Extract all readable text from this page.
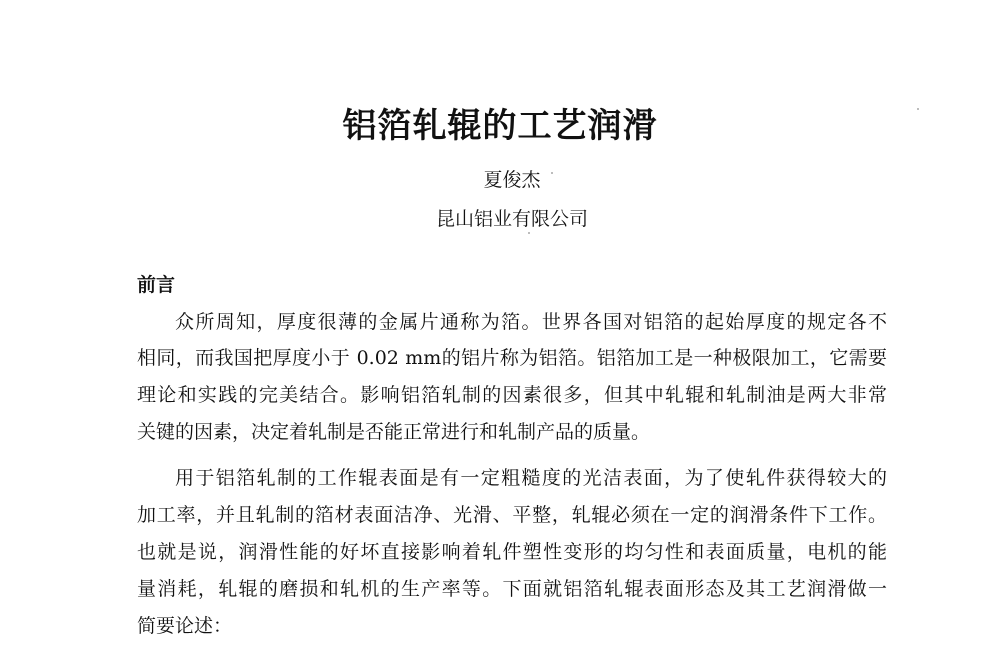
铝箔轧辊的工艺润滑
夏俊杰
昆山铝业有限公司
前言
众所周知，厚度很薄的金属片通称为箔。世界各国对铝箔的起始厚度的规定各不
相同，而我国把厚度小于 0.02 mm的铝片称为铝箔。铝箔加工是一种极限加工，它需要
理论和实践的完美结合。影响铝箔轧制的因素很多，但其中轧辊和轧制油是两大非常
关键的因素，决定着轧制是否能正常进行和轧制产品的质量。
用于铝箔轧制的工作辊表面是有一定粗糙度的光洁表面，为了使轧件获得较大的
加工率，并且轧制的箔材表面洁净、光滑、平整，轧辊必须在一定的润滑条件下工作。
也就是说，润滑性能的好坏直接影响着轧件塑性变形的均匀性和表面质量，电机的能
量消耗，轧辊的磨损和轧机的生产率等。下面就铝箔轧辊表面形态及其工艺润滑做一
简要论述：
